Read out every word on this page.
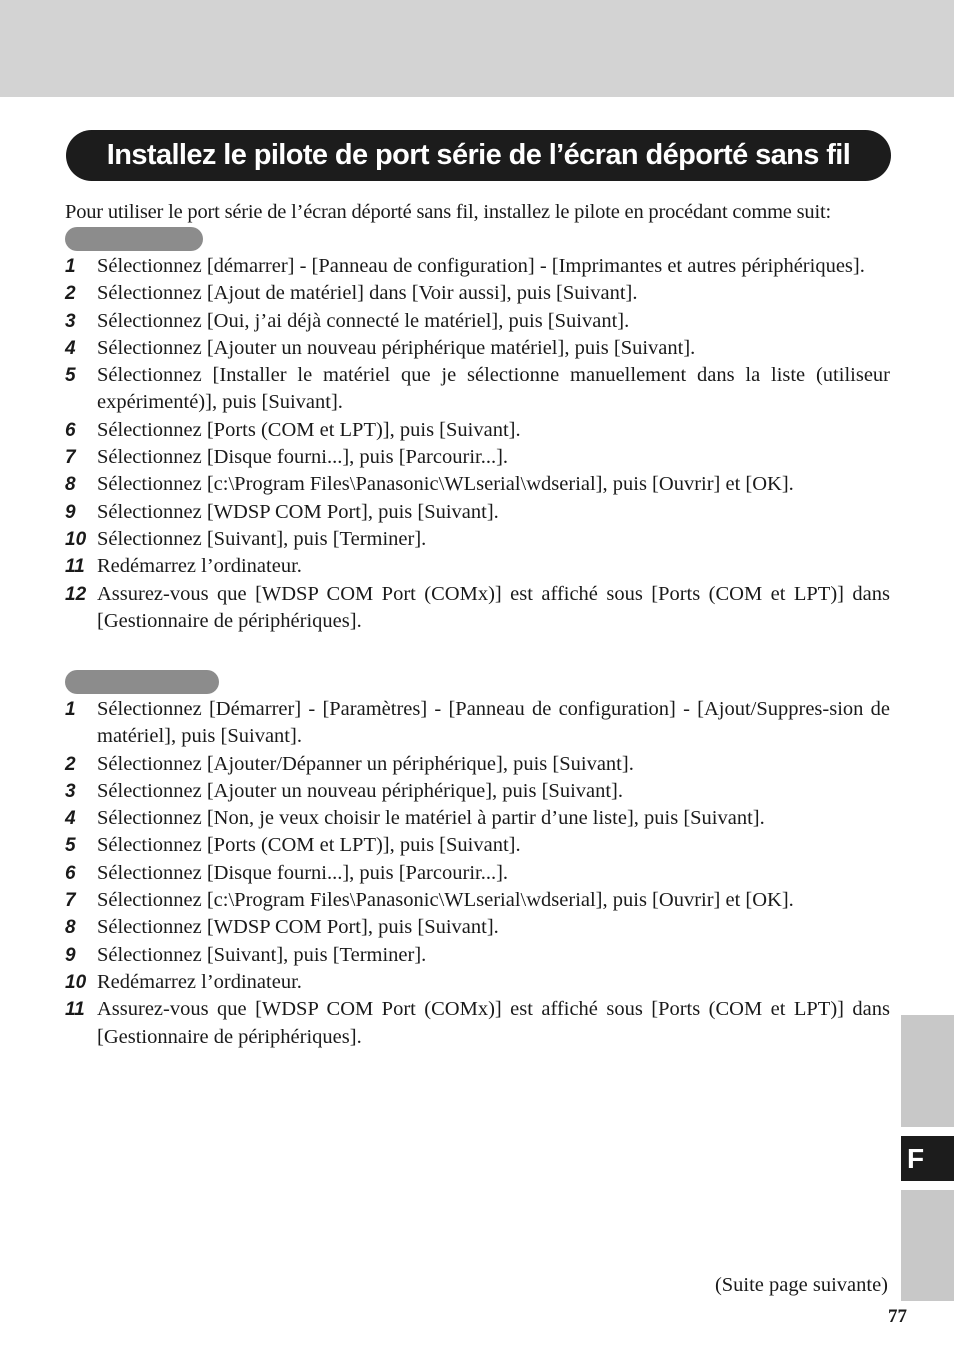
Installez le pilote de port série de l’écran déporté sans fil
Pour utiliser le port série de l’écran déporté sans fil, installez le pilote en procédant comme suit:
1 Sélectionnez [démarrer] - [Panneau de configuration] - [Imprimantes et autres périphériques].
2 Sélectionnez [Ajout de matériel] dans [Voir aussi], puis [Suivant].
3 Sélectionnez [Oui, j’ai déjà connecté le matériel], puis [Suivant].
4 Sélectionnez [Ajouter un nouveau périphérique matériel], puis [Suivant].
5 Sélectionnez [Installer le matériel que je sélectionne manuellement dans la liste (utiliseur expérimenté)], puis [Suivant].
6 Sélectionnez [Ports (COM et LPT)], puis [Suivant].
7 Sélectionnez [Disque fourni...], puis [Parcourir...].
8 Sélectionnez [c:\Program Files\Panasonic\WLserial\wdserial], puis [Ouvrir] et [OK].
9 Sélectionnez [WDSP COM Port], puis [Suivant].
10 Sélectionnez [Suivant], puis [Terminer].
11 Redémarrez l’ordinateur.
12 Assurez-vous que [WDSP COM Port (COMx)] est affiché sous [Ports (COM et LPT)] dans [Gestionnaire de périphériques].
1 Sélectionnez [Démarrer] - [Paramètres] - [Panneau de configuration] - [Ajout/Suppres-sion de matériel], puis [Suivant].
2 Sélectionnez [Ajouter/Dépanner un périphérique], puis [Suivant].
3 Sélectionnez [Ajouter un nouveau périphérique], puis [Suivant].
4 Sélectionnez [Non, je veux choisir le matériel à partir d’une liste], puis [Suivant].
5 Sélectionnez [Ports (COM et LPT)], puis [Suivant].
6 Sélectionnez [Disque fourni...], puis [Parcourir...].
7 Sélectionnez [c:\Program Files\Panasonic\WLserial\wdserial], puis [Ouvrir] et [OK].
8 Sélectionnez [WDSP COM Port], puis [Suivant].
9 Sélectionnez [Suivant], puis [Terminer].
10 Redémarrez l’ordinateur.
11 Assurez-vous que [WDSP COM Port (COMx)] est affiché sous [Ports (COM et LPT)] dans [Gestionnaire de périphériques].
F
(Suite page suivante)
77
